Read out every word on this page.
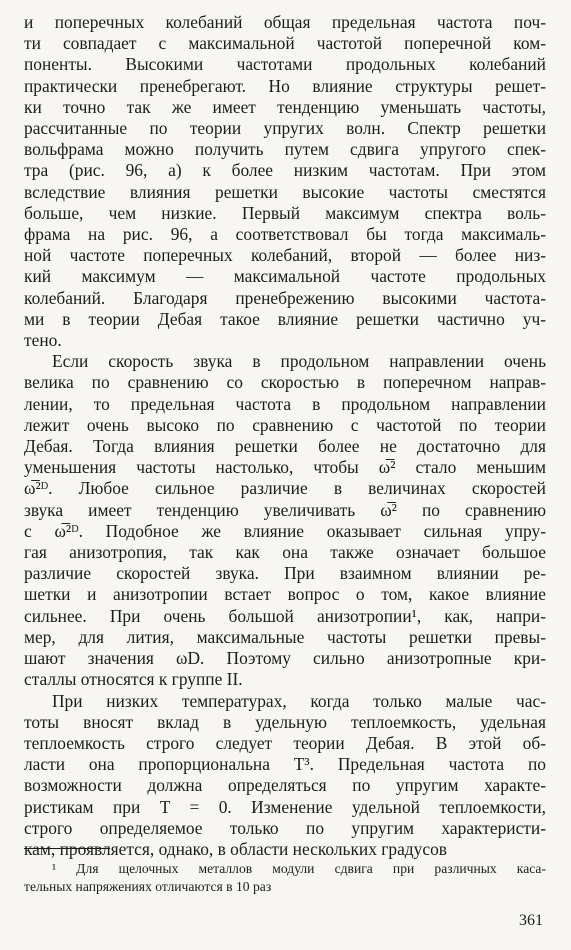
и поперечных колебаний общая предельная частота поч-
ти совпадает с максимальной частотой поперечной ком-
поненты. Высокими частотами продольных колебаний
практически пренебрегают. Но влияние структуры решет-
ки точно так же имеет тенденцию уменьшать частоты,
рассчитанные по теории упругих волн. Спектр решетки
вольфрама можно получить путем сдвига упругого спек-
тра (рис. 96, а) к более низким частотам. При этом
вследствие влияния решетки высокие частоты сместятся
больше, чем низкие. Первый максимум спектра воль-
фрама на рис. 96, а соответствовал бы тогда максималь-
ной частоте поперечных колебаний, второй — более низ-
кий максимум — максимальной частоте продольных
колебаний. Благодаря пренебрежению высокими частота-
ми в теории Дебая такое влияние решетки частично уч-
тено.
Если скорость звука в продольном направлении очень
велика по сравнению со скоростью в поперечном направ-
лении, то предельная частота в продольном направлении
лежит очень высоко по сравнению с частотой по теории
Дебая. Тогда влияния решетки более не достаточно для
уменьшения частоты настолько, чтобы ω̅² стало меньшим
ω̅²ᴰ. Любое сильное различие в величинах скоростей
звука имеет тенденцию увеличивать ω̅² по сравнению
с ω̅²ᴰ. Подобное же влияние оказывает сильная упру-
гая анизотропия, так как она также означает большое
различие скоростей звука. При взаимном влиянии ре-
шетки и анизотропии встает вопрос о том, какое влияние
сильнее. При очень большой анизотропии¹, как, напри-
мер, для лития, максимальные частоты решетки превы-
шают значения ωD. Поэтому сильно анизотропные кри-
сталлы относятся к группе II.
При низких температурах, когда только малые час-
тоты вносят вклад в удельную теплоемкость, удельная
теплоемкость строго следует теории Дебая. В этой об-
ласти она пропорциональна T³. Предельная частота по
возможности должна определяться по упругим характе-
ристикам при T = 0. Изменение удельной теплоемкости,
строго определяемое только по упругим характеристи-
кам, проявляется, однако, в области нескольких градусов
¹ Для щелочных металлов модули сдвига при различных каса-
тельных напряжениях отличаются в 10 раз
361
